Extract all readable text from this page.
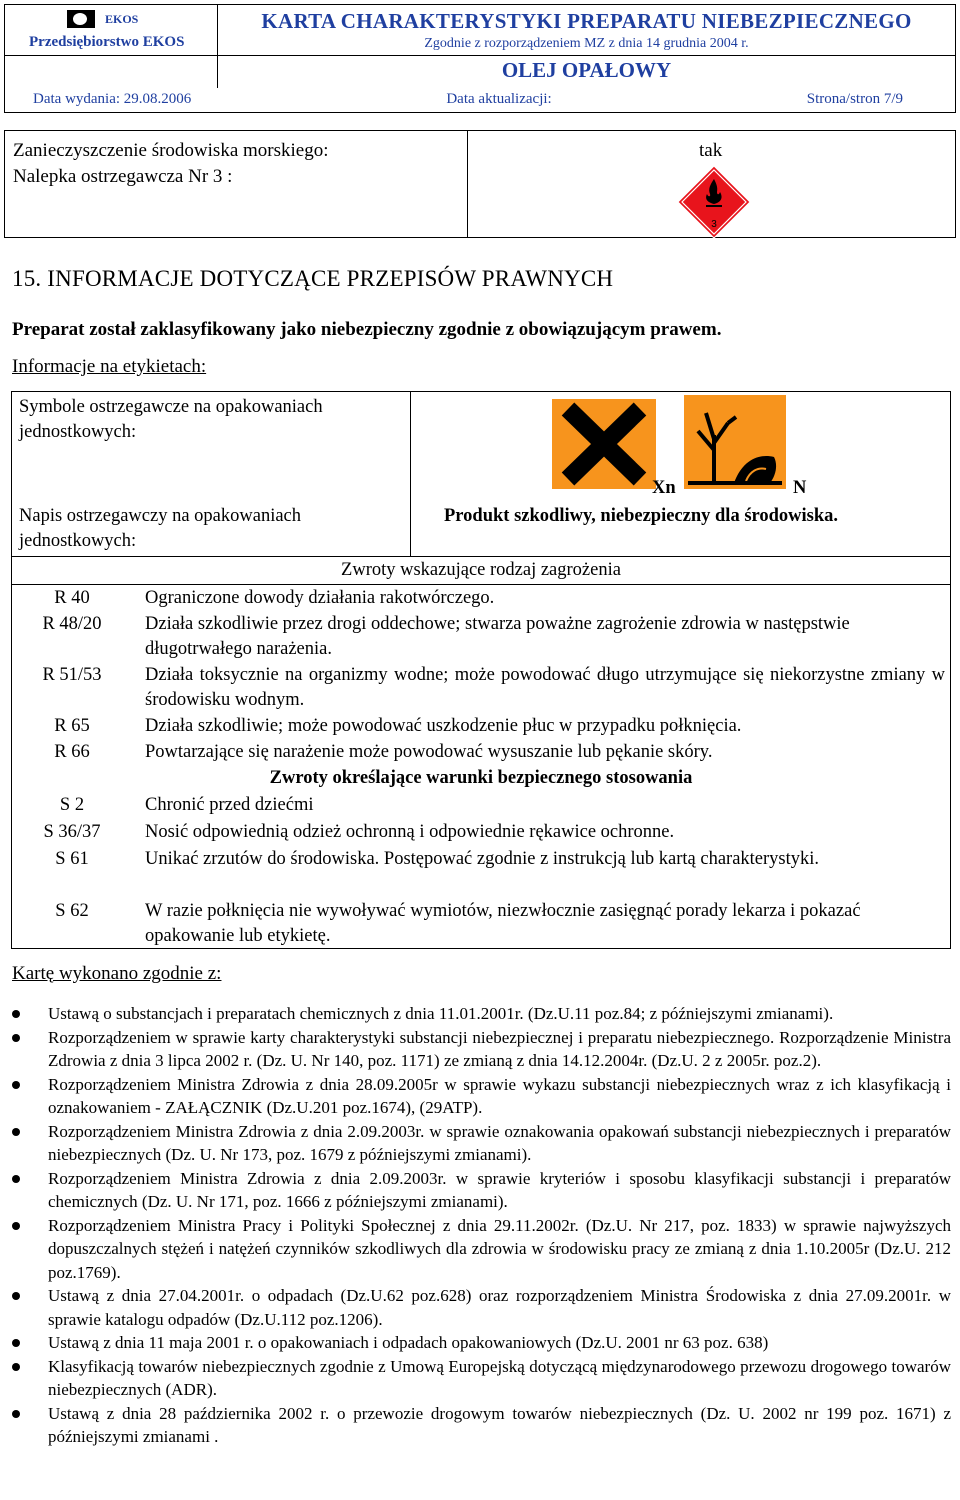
EKOS
Przedsiębiorstwo EKOS
KARTA CHARAKTERYSTYKI PREPARATU NIEBEZPIECZNEGO
Zgodnie z rozporządzeniem MZ z dnia 14 grudnia 2004 r.
OLEJ OPAŁOWY
Data wydania: 29.08.2006	Data aktualizacji:	Strona/stron 7/9
Zanieczyszczenie środowiska morskiego:
Nalepka ostrzegawcza Nr 3 :
tak
3
15. INFORMACJE DOTYCZĄCE PRZEPISÓW PRAWNYCH
Preparat został zaklasyfikowany jako niebezpieczny zgodnie z obowiązującym prawem.
Informacje na etykietach:
Symbole ostrzegawcze na opakowaniach jednostkowych:
Xn	N
Napis ostrzegawczy na opakowaniach jednostkowych:
Produkt szkodliwy, niebezpieczny dla środowiska.
Zwroty wskazujące rodzaj zagrożenia
R 40	Ograniczone dowody działania rakotwórczego.
R 48/20	Działa szkodliwie przez drogi oddechowe; stwarza poważne zagrożenie zdrowia w następstwie długotrwałego narażenia.
R 51/53	Działa toksycznie na organizmy wodne; może powodować długo utrzymujące się niekorzystne zmiany w środowisku wodnym.
R 65	Działa szkodliwie; może powodować uszkodzenie płuc w przypadku połknięcia.
R 66	Powtarzające się narażenie może powodować wysuszanie lub pękanie skóry.
Zwroty określające warunki bezpiecznego stosowania
S 2	Chronić przed dziećmi
S 36/37	Nosić odpowiednią odzież ochronną i odpowiednie rękawice ochronne.
S 61	Unikać zrzutów do środowiska. Postępować zgodnie z instrukcją lub kartą charakterystyki.
S 62	W razie połknięcia nie wywoływać wymiotów, niezwłocznie zasięgnąć porady lekarza i pokazać opakowanie lub etykietę.
Kartę wykonano zgodnie z:
Ustawą o substancjach i preparatach chemicznych z dnia 11.01.2001r. (Dz.U.11 poz.84; z późniejszymi zmianami).
Rozporządzeniem w sprawie karty charakterystyki substancji niebezpiecznej i preparatu niebezpiecznego. Rozporządzenie Ministra Zdrowia z dnia 3 lipca 2002 r. (Dz. U. Nr 140, poz. 1171) ze zmianą z dnia 14.12.2004r. (Dz.U. 2 z 2005r. poz.2).
Rozporządzeniem Ministra Zdrowia z dnia 28.09.2005r w sprawie wykazu substancji niebezpiecznych wraz z ich klasyfikacją i oznakowaniem - ZAŁĄCZNIK (Dz.U.201 poz.1674), (29ATP).
Rozporządzeniem Ministra Zdrowia z dnia 2.09.2003r. w sprawie oznakowania opakowań substancji niebezpiecznych i preparatów niebezpiecznych (Dz. U. Nr 173, poz. 1679 z późniejszymi zmianami).
Rozporządzeniem Ministra Zdrowia z dnia 2.09.2003r. w sprawie kryteriów i sposobu klasyfikacji substancji i preparatów chemicznych (Dz. U. Nr 171, poz. 1666 z późniejszymi zmianami).
Rozporządzeniem Ministra Pracy i Polityki Społecznej z dnia 29.11.2002r. (Dz.U. Nr 217, poz. 1833) w sprawie najwyższych dopuszczalnych stężeń i natężeń czynników szkodliwych dla zdrowia w środowisku pracy ze zmianą z dnia 1.10.2005r (Dz.U. 212 poz.1769).
Ustawą z dnia 27.04.2001r. o odpadach (Dz.U.62 poz.628) oraz rozporządzeniem Ministra Środowiska z dnia 27.09.2001r. w sprawie katalogu odpadów (Dz.U.112 poz.1206).
Ustawą z dnia 11 maja 2001 r. o opakowaniach i odpadach opakowaniowych (Dz.U. 2001 nr 63 poz. 638)
Klasyfikacją towarów niebezpiecznych zgodnie z Umową Europejską dotyczącą międzynarodowego przewozu drogowego towarów niebezpiecznych (ADR).
Ustawą z dnia 28 października 2002 r. o przewozie drogowym towarów niebezpiecznych (Dz. U. 2002 nr 199 poz. 1671) z późniejszymi zmianami .
